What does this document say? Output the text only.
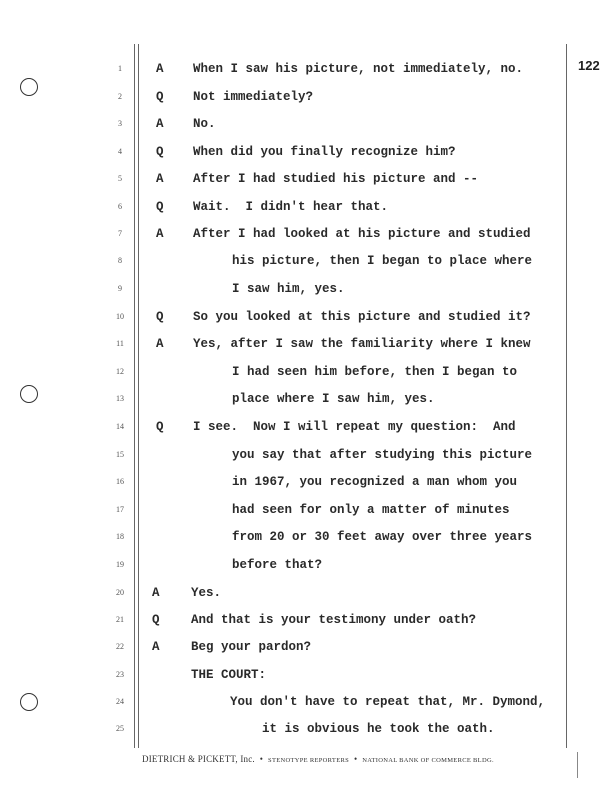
122
1	A When I saw his picture, not immediately, no.
2	Q Not immediately?
3	A No.
4	Q When did you finally recognize him?
5	A After I had studied his picture and --
6	Q Wait.  I didn't hear that.
7	A After I had looked at his picture and studied
8	his picture, then I began to place where
9	I saw him, yes.
10	Q So you looked at this picture and studied it?
11	A Yes, after I saw the familiarity where I knew
12	I had seen him before, then I began to
13	place where I saw him, yes.
14	Q I see.  Now I will repeat my question:  And
15	you say that after studying this picture
16	in 1967, you recognized a man whom you
17	had seen for only a matter of minutes
18	from 20 or 30 feet away over three years
19	before that?
20	A	Yes.
21	Q	And that is your testimony under oath?
22	A	Beg your pardon?
23	THE COURT:
24	You don't have to repeat that, Mr. Dymond,
25	it is obvious he took the oath.
DIETRICH & PICKETT, Inc. • STENOTYPE REPORTERS • NATIONAL BANK OF COMMERCE BLDG.
